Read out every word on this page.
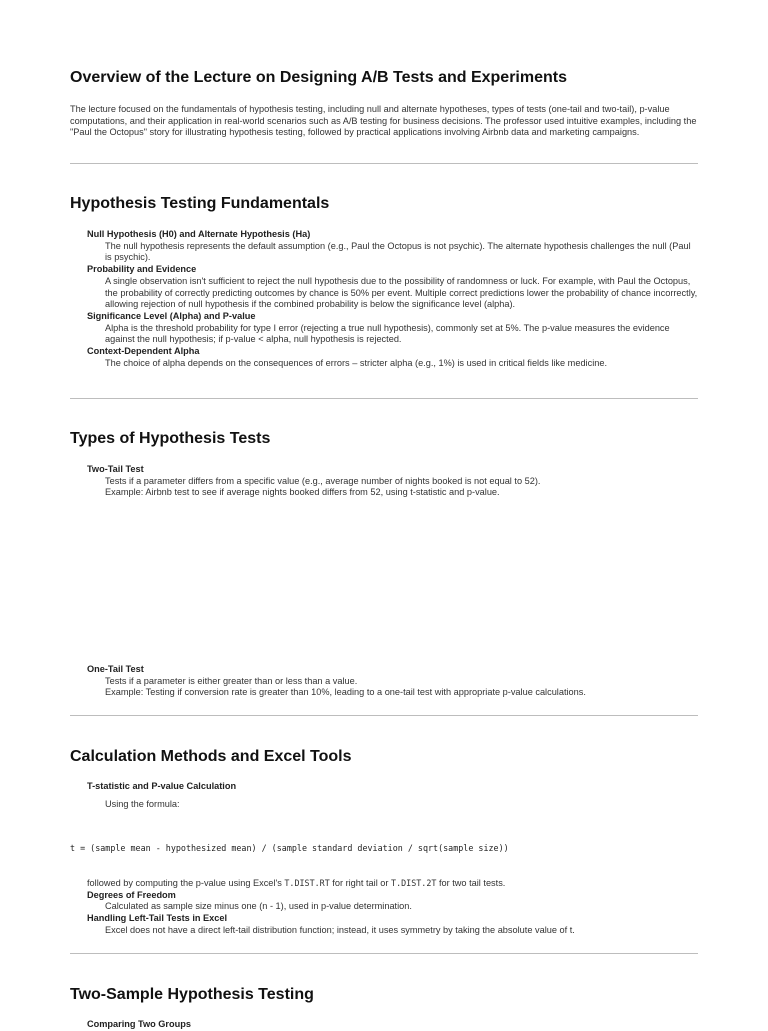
Overview of the Lecture on Designing A/B Tests and Experiments
The lecture focused on the fundamentals of hypothesis testing, including null and alternate hypotheses, types of tests (one-tail and two-tail), p-value computations, and their application in real-world scenarios such as A/B testing for business decisions. The professor used intuitive examples, including the "Paul the Octopus" story for illustrating hypothesis testing, followed by practical applications involving Airbnb data and marketing campaigns.
Hypothesis Testing Fundamentals
Null Hypothesis (H0) and Alternate Hypothesis (Ha)
The null hypothesis represents the default assumption (e.g., Paul the Octopus is not psychic). The alternate hypothesis challenges the null (Paul is psychic).
Probability and Evidence
A single observation isn't sufficient to reject the null hypothesis due to the possibility of randomness or luck. For example, with Paul the Octopus, the probability of correctly predicting outcomes by chance is 50% per event. Multiple correct predictions lower the probability of chance incorrectly, allowing rejection of null hypothesis if the combined probability is below the significance level (alpha).
Significance Level (Alpha) and P-value
Alpha is the threshold probability for type I error (rejecting a true null hypothesis), commonly set at 5%. The p-value measures the evidence against the null hypothesis; if p-value < alpha, null hypothesis is rejected.
Context-Dependent Alpha
The choice of alpha depends on the consequences of errors – stricter alpha (e.g., 1%) is used in critical fields like medicine.
Types of Hypothesis Tests
Two-Tail Test
Tests if a parameter differs from a specific value (e.g., average number of nights booked is not equal to 52).
Example: Airbnb test to see if average nights booked differs from 52, using t-statistic and p-value.
One-Tail Test
Tests if a parameter is either greater than or less than a value.
Example: Testing if conversion rate is greater than 10%, leading to a one-tail test with appropriate p-value calculations.
Calculation Methods and Excel Tools
T-statistic and P-value Calculation
Using the formula:
t = (sample mean - hypothesized mean) / (sample standard deviation / sqrt(sample size))
followed by computing the p-value using Excel's T.DIST.RT for right tail or T.DIST.2T for two tail tests.
Degrees of Freedom
Calculated as sample size minus one (n - 1), used in p-value determination.
Handling Left-Tail Tests in Excel
Excel does not have a direct left-tail distribution function; instead, it uses symmetry by taking the absolute value of t.
Two-Sample Hypothesis Testing
Comparing Two Groups
